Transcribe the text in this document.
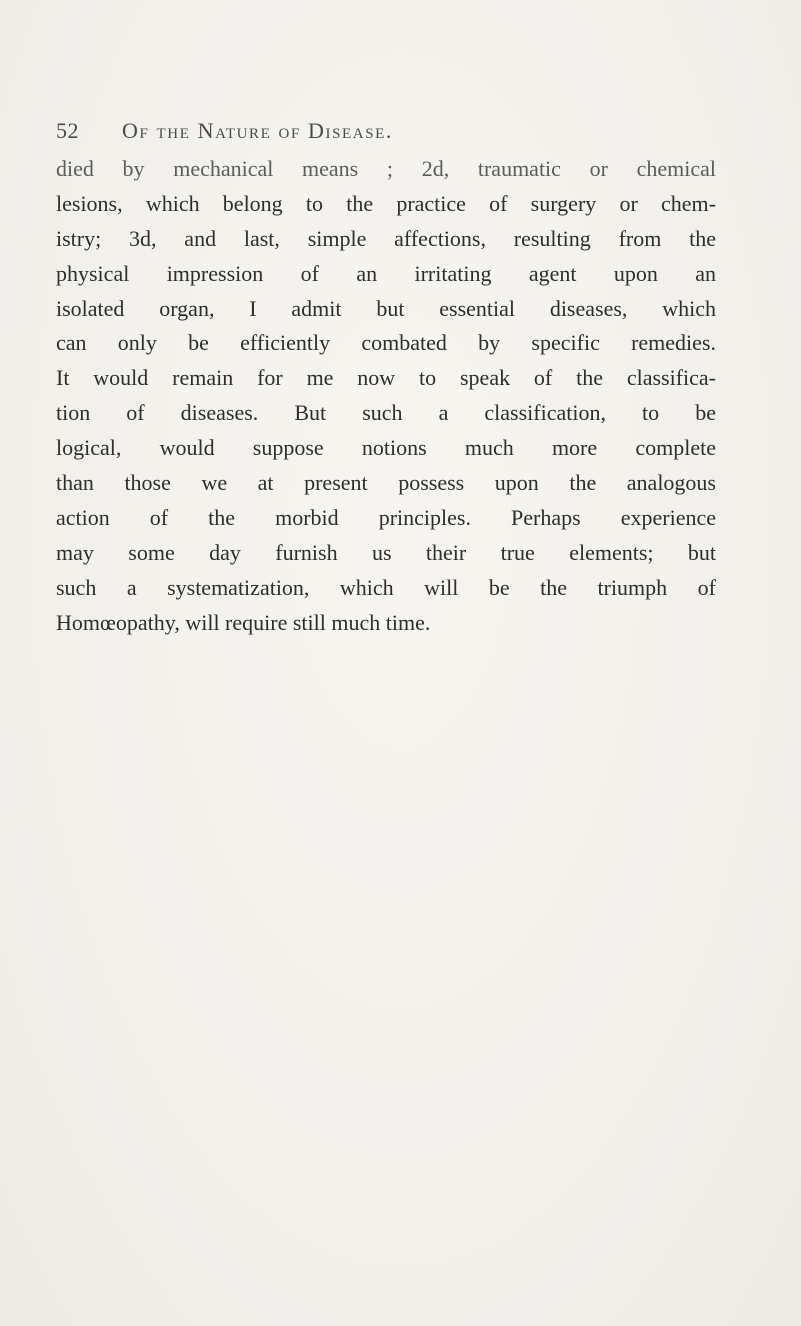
52 Of the Nature of Disease.
died by mechanical means ; 2d, traumatic or chemical
lesions, which belong to the practice of surgery or chem-
istry; 3d, and last, simple affections, resulting from the
physical impression of an irritating agent upon an
isolated organ, I admit but essential diseases, which
can only be efficiently combated by specific remedies.
It would remain for me now to speak of the classifica-
tion of diseases. But such a classification, to be
logical, would suppose notions much more complete
than those we at present possess upon the analogous
action of the morbid principles. Perhaps experience
may some day furnish us their true elements; but
such a systematization, which will be the triumph of
Homœopathy, will require still much time.
